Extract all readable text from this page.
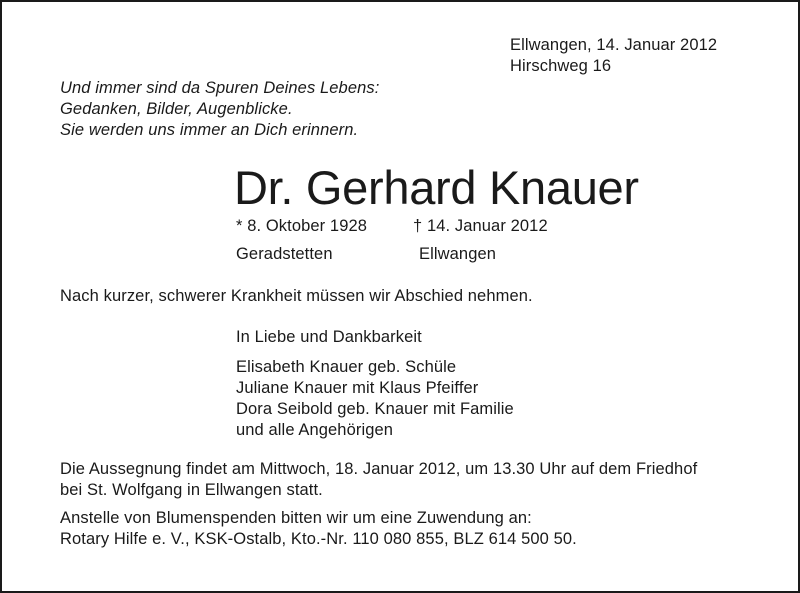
Ellwangen, 14. Januar 2012
Hirschweg 16
Und immer sind da Spuren Deines Lebens:
Gedanken, Bilder, Augenblicke.
Sie werden uns immer an Dich erinnern.
Dr. Gerhard Knauer
* 8. Oktober 1928
Geradstetten
† 14. Januar 2012
Ellwangen
Nach kurzer, schwerer Krankheit müssen wir Abschied nehmen.
In Liebe und Dankbarkeit
Elisabeth Knauer geb. Schüle
Juliane Knauer mit Klaus Pfeiffer
Dora Seibold geb. Knauer mit Familie
und alle Angehörigen
Die Aussegnung findet am Mittwoch, 18. Januar 2012, um 13.30 Uhr auf dem Friedhof
bei St. Wolfgang in Ellwangen statt.
Anstelle von Blumenspenden bitten wir um eine Zuwendung an:
Rotary Hilfe e. V., KSK-Ostalb, Kto.-Nr. 110 080 855, BLZ 614 500 50.
